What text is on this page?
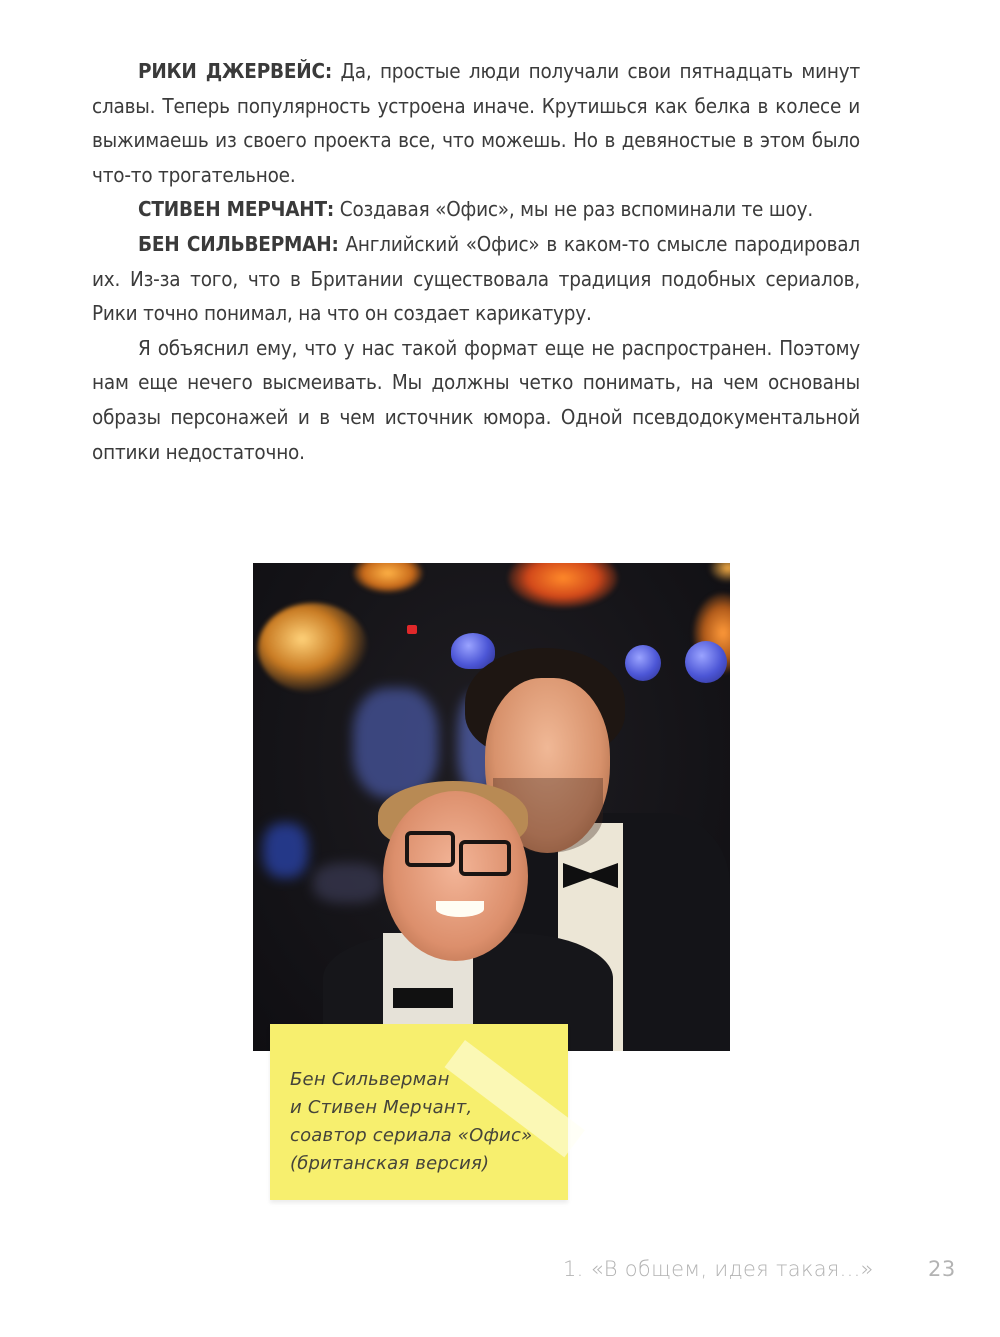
РИКИ ДЖЕРВЕЙС: Да, простые люди получали свои пятнадцать минут славы. Теперь популярность устроена иначе. Крутишься как белка в колесе и выжимаешь из своего проекта все, что можешь. Но в девяностые в этом было что-то трогательное.

СТИВЕН МЕРЧАНТ: Создавая «Офис», мы не раз вспоминали те шоу.

БЕН СИЛЬВЕРМАН: Английский «Офис» в каком-то смысле пародировал их. Из-за того, что в Британии существовала традиция подобных сериалов, Рики точно понимал, на что он создает карикатуру.

Я объяснил ему, что у нас такой формат еще не распространен. Поэтому нам еще нечего высмеивать. Мы должны четко понимать, на чем основаны образы персонажей и в чем источник юмора. Одной псевдодокументальной оптики недостаточно.

Бен Сильверман
и Стивен Мерчант,
соавтор сериала «Офис»
(британская версия)
1. «В общем, идея такая...»	23
